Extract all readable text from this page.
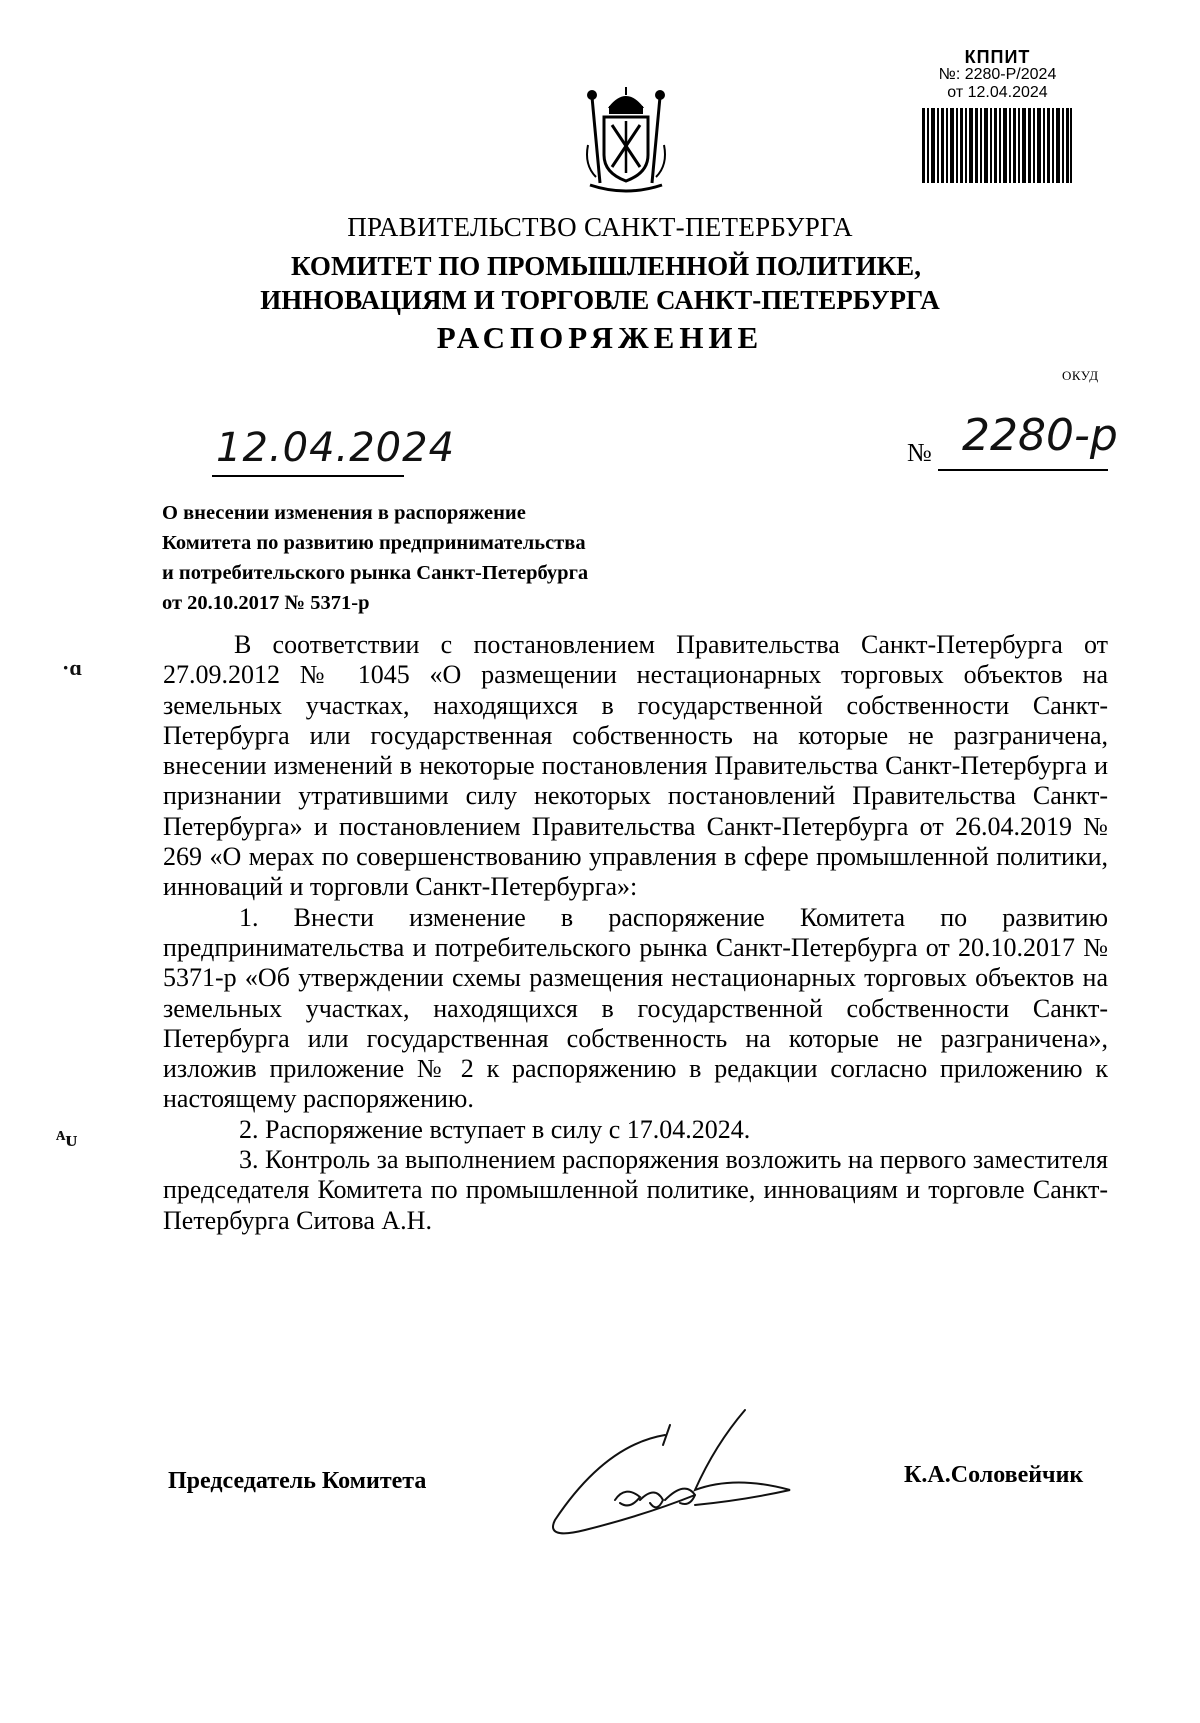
КППИТ
№: 2280-Р/2024
от 12.04.2024
ПРАВИТЕЛЬСТВО САНКТ-ПЕТЕРБУРГА
КОМИТЕТ ПО ПРОМЫШЛЕННОЙ ПОЛИТИКЕ,
ИННОВАЦИЯМ И ТОРГОВЛЕ САНКТ-ПЕТЕРБУРГА
РАСПОРЯЖЕНИЕ
ОКУД
12.04.2024	№ 2280-р
О внесении изменения в распоряжение
Комитета по развитию предпринимательства
и потребительского рынка Санкт-Петербурга
от 20.10.2017 № 5371-р
·ɑ
ᴬᴜ

В соответствии с постановлением Правительства Санкт-Петербурга от 27.09.2012 № 1045 «О размещении нестационарных торговых объектов на земельных участках, находящихся в государственной собственности Санкт-Петербурга или государственная собственность на которые не разграничена, внесении изменений в некоторые постановления Правительства Санкт-Петербурга и признании утратившими силу некоторых постановлений Правительства Санкт-Петербурга» и постановлением Правительства Санкт-Петербурга от 26.04.2019 № 269 «О мерах по совершенствованию управления в сфере промышленной политики, инноваций и торговли Санкт-Петербурга»:

1. Внести изменение в распоряжение Комитета по развитию предпринимательства и потребительского рынка Санкт-Петербурга от 20.10.2017 № 5371-р «Об утверждении схемы размещения нестационарных торговых объектов на земельных участках, находящихся в государственной собственности Санкт-Петербурга или государственная собственность на которые не разграничена», изложив приложение № 2 к распоряжению в редакции согласно приложению к настоящему распоряжению.

2. Распоряжение вступает в силу с 17.04.2024.

3. Контроль за выполнением распоряжения возложить на первого заместителя председателя Комитета по промышленной политике, инновациям и торговле Санкт-Петербурга Ситова А.Н.

Председатель Комитета	К.А.Соловейчик
